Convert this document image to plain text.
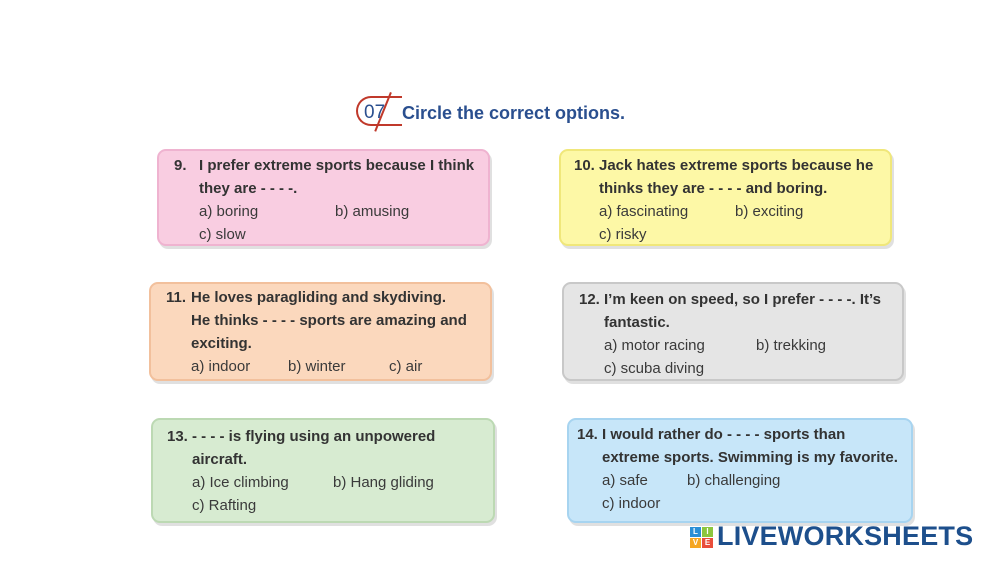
07 Circle the correct options.
9. I prefer extreme sports because I think
they are - - - -.
a) boring	b) amusing
c) slow
10. Jack hates extreme sports because he
thinks they are - - - - and boring.
a) fascinating	b) exciting
c) risky
11. He loves paragliding and skydiving.
He thinks - - - - sports are amazing and
exciting.
a) indoor	b) winter	c) air
12. I’m keen on speed, so I prefer - - - -. It’s
fantastic.
a) motor racing	b) trekking
c) scuba diving
13. - - - - is flying using an unpowered
aircraft.
a) Ice climbing	b) Hang gliding
c) Rafting
14. I would rather do - - - - sports than
extreme sports. Swimming is my favorite.
a) safe	b) challenging
c) indoor
L	I
V E LIVEWORKSHEETS
